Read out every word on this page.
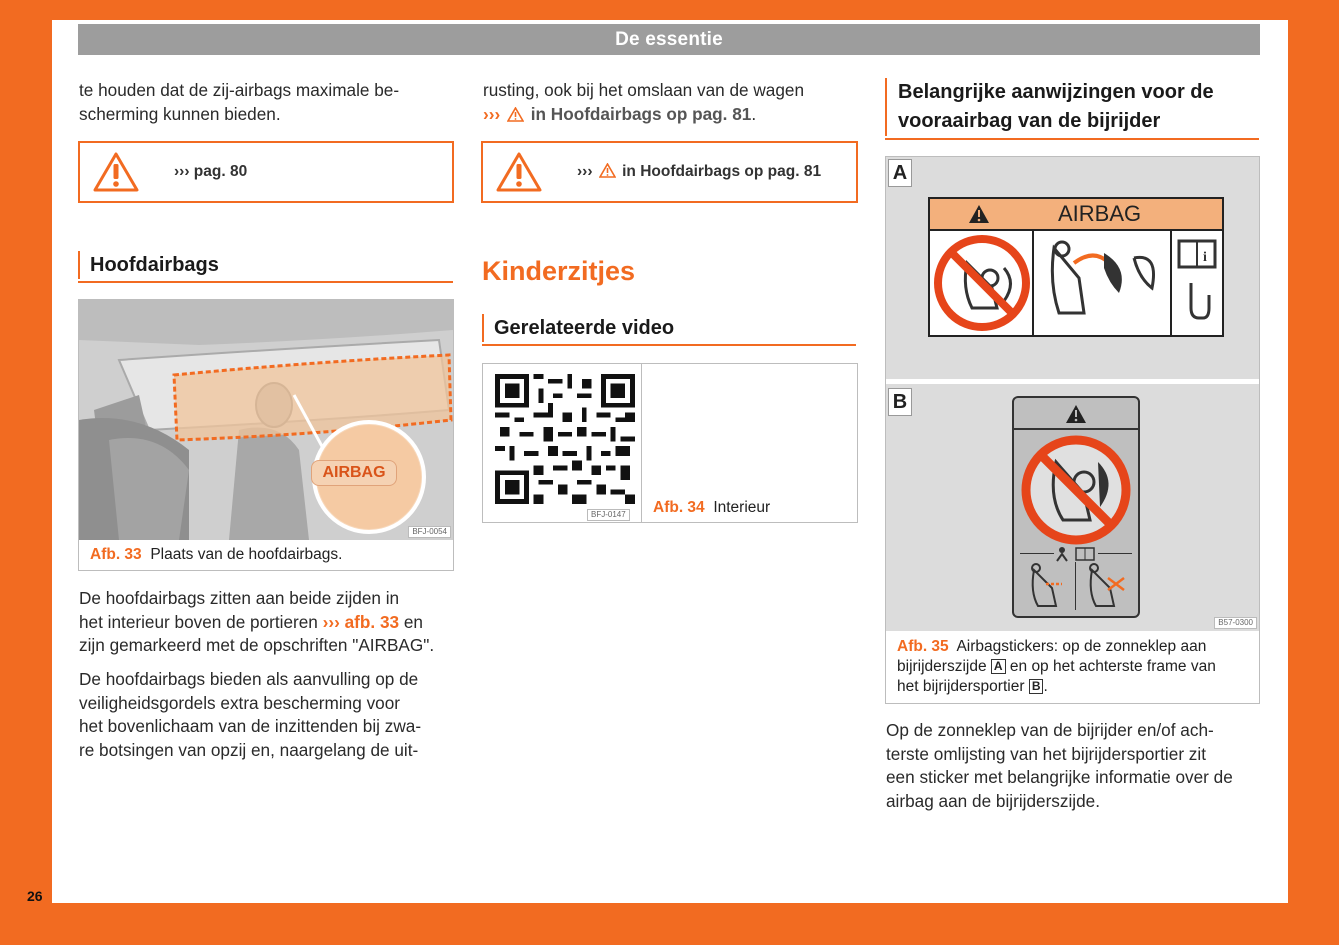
De essentie
26

te houden dat de zij-airbags maximale be-

scherming kunnen bieden.

››› pag. 80
Hoofdairbags
AIRBAG
BFJ-0054
Afb. 33 Plaats van de hoofdairbags.

De hoofdairbags zitten aan beide zijden in

het interieur boven de portieren ››› afb. 33 en

zijn gemarkeerd met de opschriften "AIRBAG".

De hoofdairbags bieden als aanvulling op de

veiligheidsgordels extra bescherming voor

het bovenlichaam van de inzittenden bij zwa-

re botsingen van opzij en, naargelang de uit-

rusting, ook bij het omslaan van de wagen

››› in Hoofdairbags op pag. 81.

››› in Hoofdairbags op pag. 81
Kinderzitjes
Gerelateerde video
BFJ-0147 Afb. 34 Interieur
Belangrijke aanwijzingen voor de
vooraairbag van de bijrijder
A
AIRBAG
i
B
B57-0300
Afb. 35 Airbagstickers: op de zonneklep aan
bijrijderszijde A en op het achterste frame van
het bijrijdersportier B .

Op de zonneklep van de bijrijder en/of ach-

terste omlijsting van het bijrijdersportier zit

een sticker met belangrijke informatie over de

airbag aan de bijrijderszijde.
